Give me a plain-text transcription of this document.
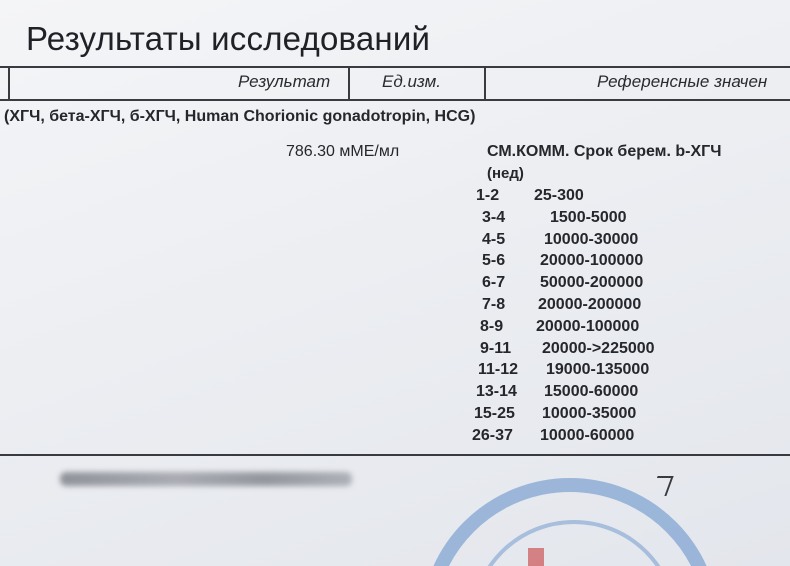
Результаты исследований
Результат	Ед.изм.	Референсные значен
(ХГЧ, бета-ХГЧ, б-ХГЧ, Human Chorionic gonadotropin, HCG)
786.30 мМЕ/мл	СМ.КОММ. Срок берем. b-ХГЧ
(нед)
1-2	25-300
3-4	1500-5000
4-5	10000-30000
5-6	20000-100000
6-7	50000-200000
7-8	20000-200000
8-9	20000-100000
9-11	20000->225000
11-12 19000-135000
13-14 15000-60000
15-25 10000-35000
26-37 10000-60000
